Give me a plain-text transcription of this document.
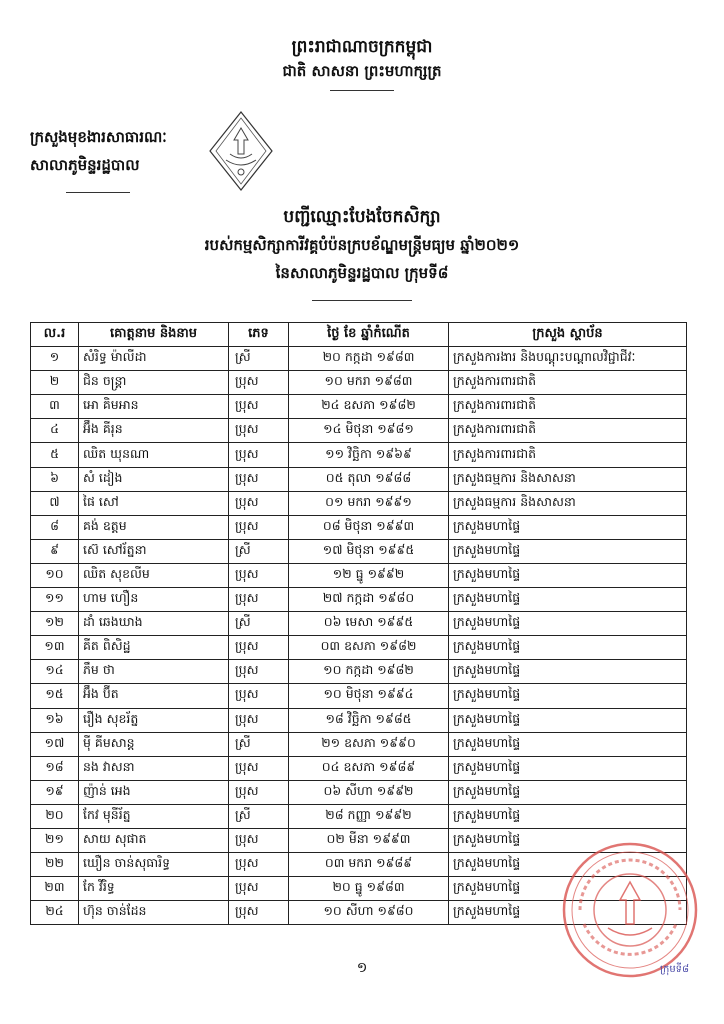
ព្រះរាជាណាចក្រកម្ពុជា
ជាតិ សាសនា ព្រះមហាក្សត្រ
ក្រសួងមុខងារសាធារណៈ
សាលាភូមិន្ទរដ្ឋបាល
បញ្ជីឈ្មោះបែងចែកសិក្សា
របស់កម្មសិក្សាការីវគ្គបំប៉នក្របខ័ណ្ឌមន្ត្រីមធ្យម ឆ្នាំ២០២១
នៃសាលាភូមិន្ទរដ្ឋបាល ក្រុមទី៨
ល.រ	គោត្តនាម និងនាម	ភេទ	ថ្ងៃ ខែ ឆ្នាំកំណើត	ក្រសួង ស្ថាប័ន
១	សំរិទ្ធ ម៉ាលីដា	ស្រី	២០ កក្កដា ១៩៨៣	ក្រសួងការងារ និងបណ្តុះបណ្តាលវិជ្ជាជីវៈ
២	ជិន ចន្ត្រា	ប្រុស	១០ មករា ១៩៨៣	ក្រសួងការពារជាតិ
៣	អោ គិមអាន	ប្រុស	២៤ ឧសភា ១៩៨២	ក្រសួងការពារជាតិ
៤	អ៊ឹង គីរុន	ប្រុស	១៤ មិថុនា ១៩៨១	ក្រសួងការពារជាតិ
៥	ឈិត ឃុនណា	ប្រុស	១១ វិច្ឆិកា ១៩៦៩	ក្រសួងការពារជាតិ
៦	សំ ដៀង	ប្រុស	០៥ តុលា ១៩៨៨	ក្រសួងធម្មការ និងសាសនា
៧	ផៃ សៅ	ប្រុស	០១ មករា ១៩៩១	ក្រសួងធម្មការ និងសាសនា
៨	គង់ ឧត្តម	ប្រុស	០៨ មិថុនា ១៩៩៣	ក្រសួងមហាផ្ទៃ
៩	ស៊េ សៅរ័ត្ននា	ស្រី	១៧ មិថុនា ១៩៩៥	ក្រសួងមហាផ្ទៃ
១០	ឈិត សុខលីម	ប្រុស	១២ ធ្នូ ១៩៩២	ក្រសួងមហាផ្ទៃ
១១	ហាម ហឿន	ប្រុស	២៧ កក្កដា ១៩៨០	ក្រសួងមហាផ្ទៃ
១២	ដាំ ឆេងឃាង	ស្រី	០៦ មេសា ១៩៩៥	ក្រសួងមហាផ្ទៃ
១៣	គីត ពិសិដ្ឋ	ប្រុស	០៣ ឧសភា ១៩៨២	ក្រសួងមហាផ្ទៃ
១៤	ភឹម ថា	ប្រុស	១០ កក្កដា ១៩៨២	ក្រសួងមហាផ្ទៃ
១៥	អ៊ឹង ប៊ីត	ប្រុស	១០ មិថុនា ១៩៩៤	ក្រសួងមហាផ្ទៃ
១៦	រឿង សុខរ័ត្ន	ប្រុស	១៨ វិច្ឆិកា ១៩៨៥	ក្រសួងមហាផ្ទៃ
១៧	ម៉ី គីមសាន្ត	ស្រី	២១ ឧសភា ១៩៩០	ក្រសួងមហាផ្ទៃ
១៨	នង វាសនា	ប្រុស	០៤ ឧសភា ១៩៨៩	ក្រសួងមហាផ្ទៃ
១៩	ញ៉ាន់ អេង	ប្រុស	០៦ សីហា ១៩៩២	ក្រសួងមហាផ្ទៃ
២០	កែវ មុនីរ័ត្ន	ស្រី	២៨ កញ្ញា ១៩៩២	ក្រសួងមហាផ្ទៃ
២១	សាយ សុផាត	ប្រុស	០២ មីនា ១៩៩៣	ក្រសួងមហាផ្ទៃ
២២	ឃឿន ចាន់សុធារិទ្ធ	ប្រុស	០៣ មករា ១៩៨៩	ក្រសួងមហាផ្ទៃ
២៣	កែ វីរិទ្ធ	ប្រុស	២០ ធ្នូ ១៩៨៣	ក្រសួងមហាផ្ទៃ
២៤	ហ៊ុន ចាន់ដែន	ប្រុស	១០ សីហា ១៩៨០	ក្រសួងមហាផ្ទៃ
១	ក្រុមទី៨
